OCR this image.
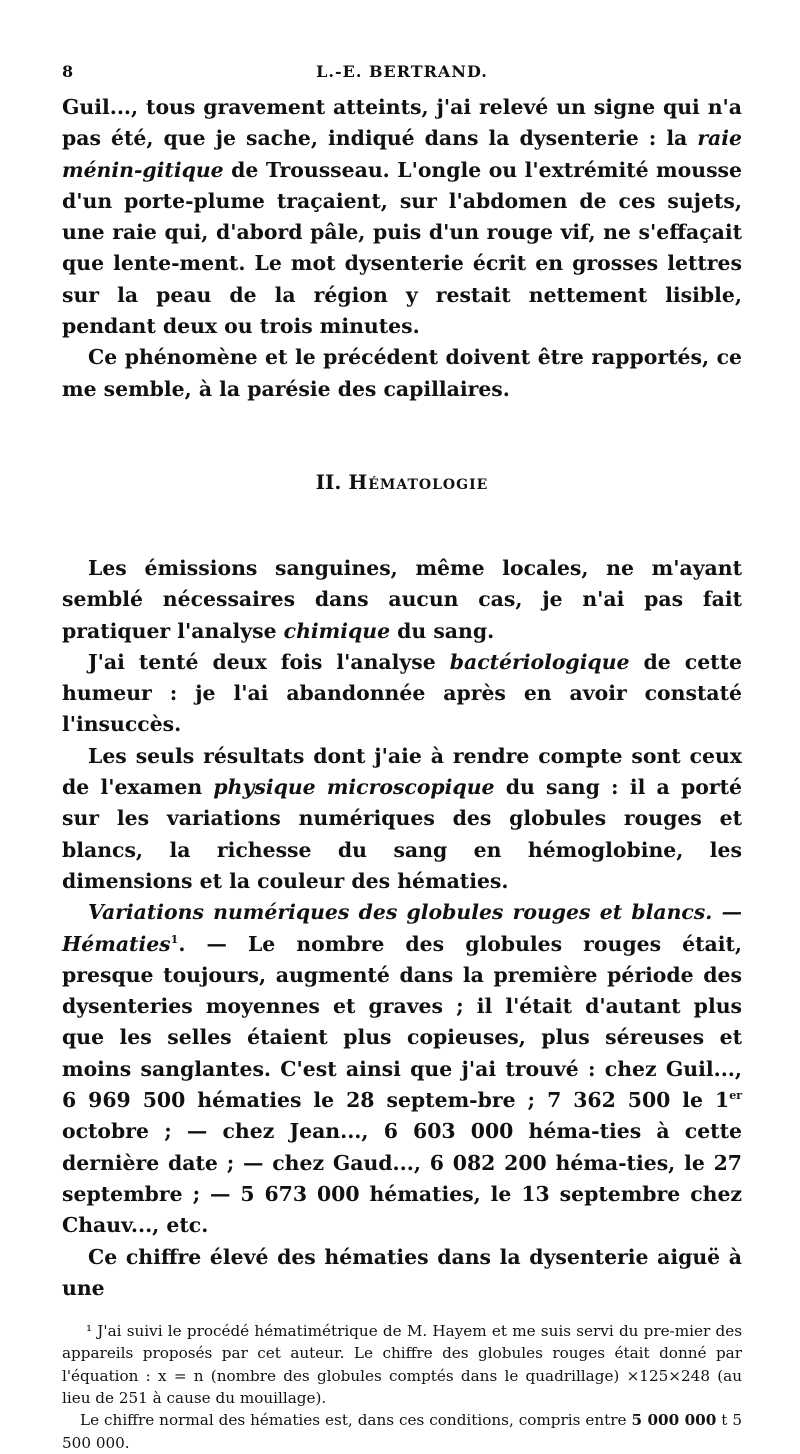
8	L.-E. BERTRAND.

Guil..., tous gravement atteints, j'ai relevé un signe qui n'a pas été, que je sache, indiqué dans la dysenterie : la raie ménin-gitique de Trousseau. L'ongle ou l'extrémité mousse d'un porte-plume traçaient, sur l'abdomen de ces sujets, une raie qui, d'abord pâle, puis d'un rouge vif, ne s'effaçait que lente-ment. Le mot dysenterie écrit en grosses lettres sur la peau de la région y restait nettement lisible, pendant deux ou trois minutes.

Ce phénomène et le précédent doivent être rapportés, ce me semble, à la parésie des capillaires.

II. Hématologie

Les émissions sanguines, même locales, ne m'ayant semblé nécessaires dans aucun cas, je n'ai pas fait pratiquer l'analyse chimique du sang.

J'ai tenté deux fois l'analyse bactériologique de cette humeur : je l'ai abandonnée après en avoir constaté l'insuccès.

Les seuls résultats dont j'aie à rendre compte sont ceux de l'examen physique microscopique du sang : il a porté sur les variations numériques des globules rouges et blancs, la richesse du sang en hémoglobine, les dimensions et la couleur des hématies.

Variations numériques des globules rouges et blancs. — Hématies$^1$. — Le nombre des globules rouges était, presque toujours, augmenté dans la première période des dysenteries moyennes et graves ; il l'était d'autant plus que les selles étaient plus copieuses, plus séreuses et moins sanglantes. C'est ainsi que j'ai trouvé : chez Guil..., 6 969 500 hématies le 28 septem-bre ; 7 362 500 le 1er octobre ; — chez Jean..., 6 603 000 héma-ties à cette dernière date ; — chez Gaud..., 6 082 200 héma-ties, le 27 septembre ; — 5 673 000 hématies, le 13 septembre chez Chauv..., etc.

Ce chiffre élevé des hématies dans la dysenterie aiguë à une

¹ J'ai suivi le procédé hématimétrique de M. Hayem et me suis servi du pre-mier des appareils proposés par cet auteur. Le chiffre des globules rouges était donné par l'équation : x = n (nombre des globules comptés dans le quadrillage) ×125×248 (au lieu de 251 à cause du mouillage).

Le chiffre normal des hématies est, dans ces conditions, compris entre 5 000 000 t 5 500 000.
